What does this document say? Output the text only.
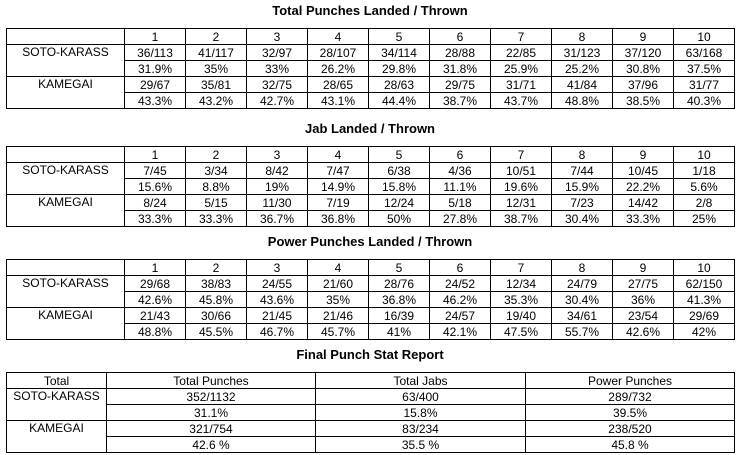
Total Punches Landed / Thrown
	1	2	3	4	5	6	7	8	9	10
SOTO-KARASS	36/113	41/117	32/97	28/107	34/114	28/88	22/85	31/123	37/120	63/168
	31.9%	35%	33%	26.2%	29.8%	31.8%	25.9%	25.2%	30.8%	37.5%
KAMEGAI	29/67	35/81	32/75	28/65	28/63	29/75	31/71	41/84	37/96	31/77
	43.3%	43.2%	42.7%	43.1%	44.4%	38.7%	43.7%	48.8%	38.5%	40.3%
Jab Landed / Thrown
	1	2	3	4	5	6	7	8	9	10
SOTO-KARASS	7/45	3/34	8/42	7/47	6/38	4/36	10/51	7/44	10/45	1/18
	15.6%	8.8%	19%	14.9%	15.8%	11.1%	19.6%	15.9%	22.2%	5.6%
KAMEGAI	8/24	5/15	11/30	7/19	12/24	5/18	12/31	7/23	14/42	2/8
	33.3%	33.3%	36.7%	36.8%	50%	27.8%	38.7%	30.4%	33.3%	25%
Power Punches Landed / Thrown
	1	2	3	4	5	6	7	8	9	10
SOTO-KARASS	29/68	38/83	24/55	21/60	28/76	24/52	12/34	24/79	27/75	62/150
	42.6%	45.8%	43.6%	35%	36.8%	46.2%	35.3%	30.4%	36%	41.3%
KAMEGAI	21/43	30/66	21/45	21/46	16/39	24/57	19/40	34/61	23/54	29/69
	48.8%	45.5%	46.7%	45.7%	41%	42.1%	47.5%	55.7%	42.6%	42%
Final Punch Stat Report
Total	Total Punches	Total Jabs	Power Punches
SOTO-KARASS	352/1132	63/400	289/732
	31.1%	15.8%	39.5%
KAMEGAI	321/754	83/234	238/520
	42.6 %	35.5 %	45.8 %
